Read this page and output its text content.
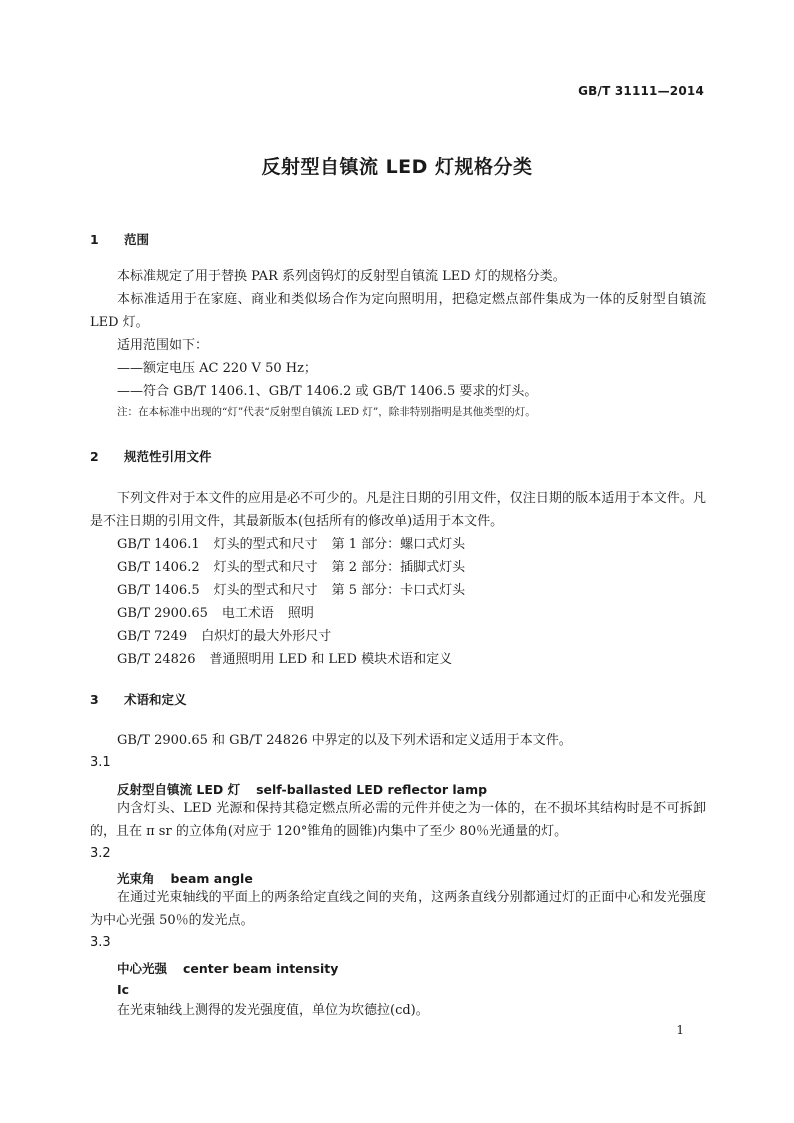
GB/T 31111—2014
反射型自镇流 LED 灯规格分类
1 范围

本标准规定了用于替换 PAR 系列卤钨灯的反射型自镇流 LED 灯的规格分类。

本标准适用于在家庭、商业和类似场合作为定向照明用，把稳定燃点部件集成为一体的反射型自镇流 LED 灯。

适用范围如下：
——额定电压 AC 220 V 50 Hz；
——符合 GB/T 1406.1、GB/T 1406.2 或 GB/T 1406.5 要求的灯头。
注：在本标准中出现的“灯”代表“反射型自镇流 LED 灯”，除非特别指明是其他类型的灯。
2 规范性引用文件

下列文件对于本文件的应用是必不可少的。凡是注日期的引用文件，仅注日期的版本适用于本文件。凡是不注日期的引用文件，其最新版本(包括所有的修改单)适用于本文件。

GB/T 1406.1 灯头的型式和尺寸 第 1 部分：螺口式灯头
GB/T 1406.2 灯头的型式和尺寸 第 2 部分：插脚式灯头
GB/T 1406.5 灯头的型式和尺寸 第 5 部分：卡口式灯头
GB/T 2900.65 电工术语 照明
GB/T 7249 白炽灯的最大外形尺寸
GB/T 24826 普通照明用 LED 和 LED 模块术语和定义
3 术语和定义
GB/T 2900.65 和 GB/T 24826 中界定的以及下列术语和定义适用于本文件。
3.1
反射型自镇流 LED 灯 self-ballasted LED reflector lamp

内含灯头、LED 光源和保持其稳定燃点所必需的元件并使之为一体的，在不损坏其结构时是不可拆卸的，且在 π sr 的立体角(对应于 120°锥角的圆锥)内集中了至少 80％光通量的灯。

3.2
光束角 beam angle

在通过光束轴线的平面上的两条给定直线之间的夹角，这两条直线分别都通过灯的正面中心和发光强度为中心光强 50％的发光点。

3.3
中心光强 center beam intensity
Ic
在光束轴线上测得的发光强度值，单位为坎德拉(cd)。
1
